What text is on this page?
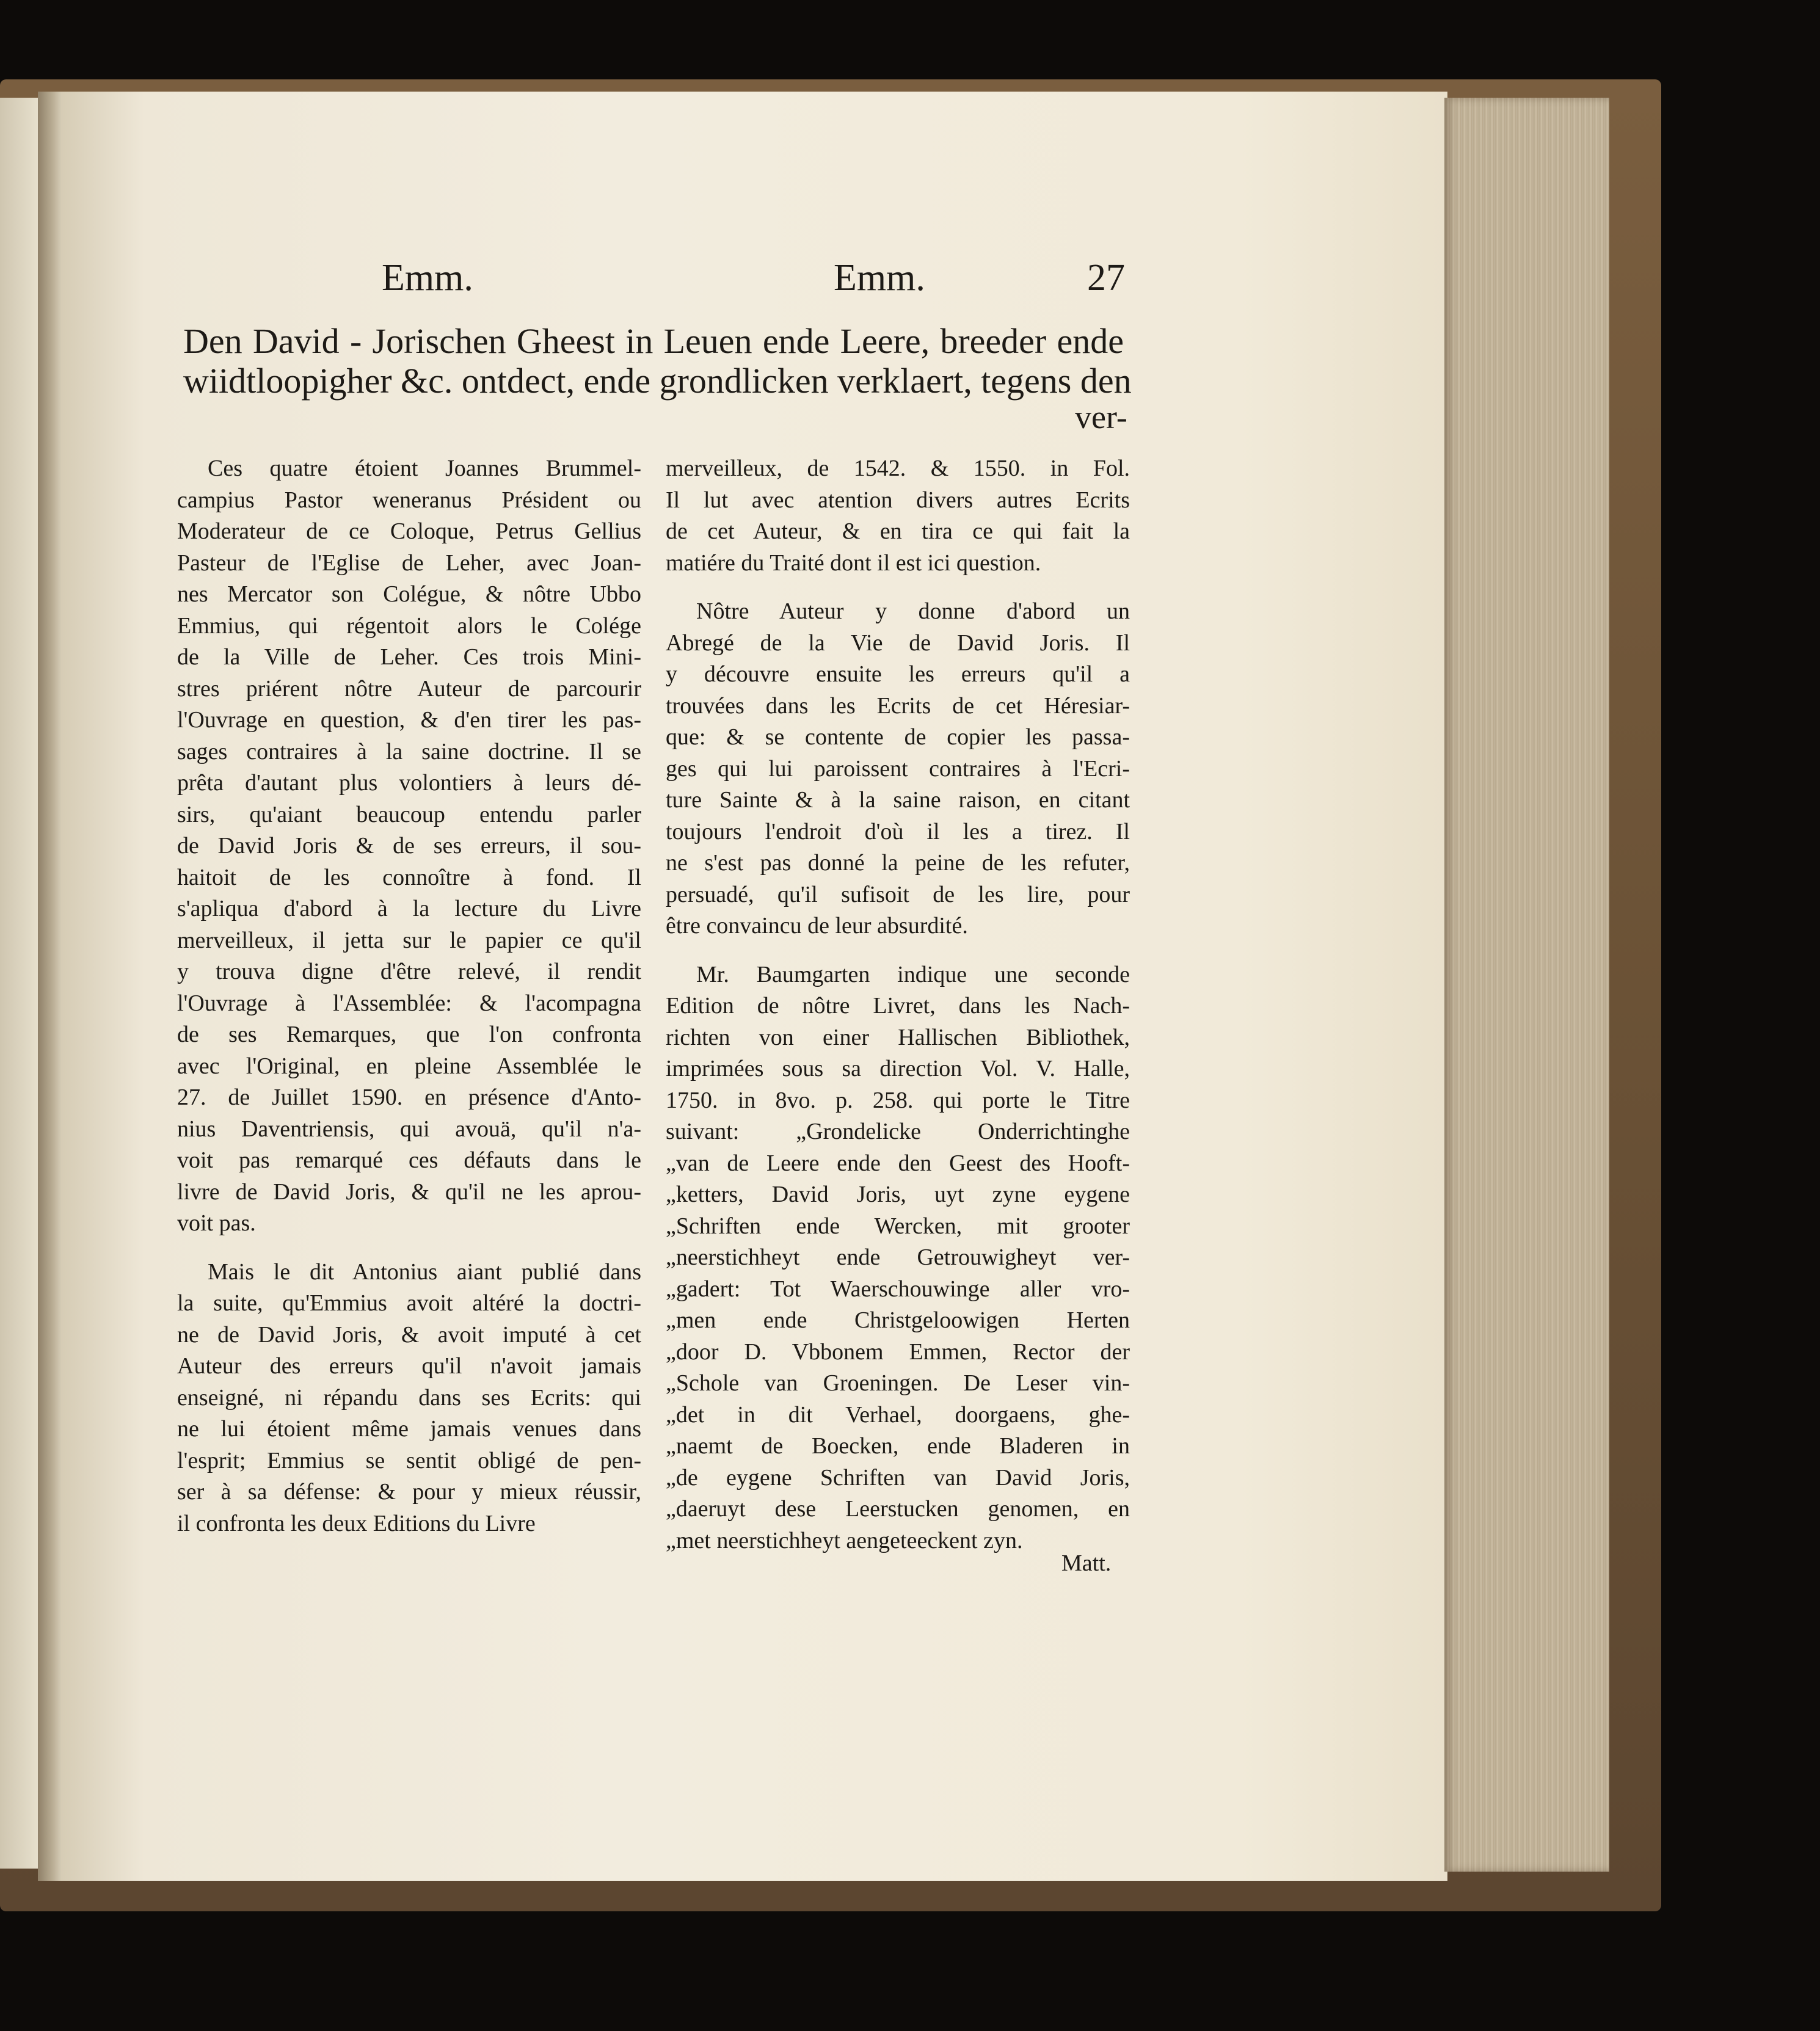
Emm.	Emm.	27
Den David - Jorischen Gheest in Leuen ende Leere, breeder ende
wiidtloopigher &c. ontdect, ende grondlicken verklaert, tegens den
ver-
Ces quatre étoient Joannes Brummel-
campius Pastor weneranus Président ou
Moderateur de ce Coloque, Petrus Gellius
Pasteur de l'Eglise de Leher, avec Joan-
nes Mercator son Colégue, & nôtre Ubbo
Emmius, qui régentoit alors le Colége
de la Ville de Leher. Ces trois Mini-
stres priérent nôtre Auteur de parcourir
l'Ouvrage en question, & d'en tirer les pas-
sages contraires à la saine doctrine. Il se
prêta d'autant plus volontiers à leurs dé-
sirs, qu'aiant beaucoup entendu parler
de David Joris & de ses erreurs, il sou-
haitoit de les connoître à fond. Il
s'apliqua d'abord à la lecture du Livre
merveilleux, il jetta sur le papier ce qu'il
y trouva digne d'être relevé, il rendit
l'Ouvrage à l'Assemblée: & l'acompagna
de ses Remarques, que l'on confronta
avec l'Original, en pleine Assemblée le
27. de Juillet 1590. en présence d'Anto-
nius Daventriensis, qui avouä, qu'il n'a-
voit pas remarqué ces défauts dans le
livre de David Joris, & qu'il ne les aprou-
voit pas.
Mais le dit Antonius aiant publié dans
la suite, qu'Emmius avoit altéré la doctri-
ne de David Joris, & avoit imputé à cet
Auteur des erreurs qu'il n'avoit jamais
enseigné, ni répandu dans ses Ecrits: qui
ne lui étoient même jamais venues dans
l'esprit; Emmius se sentit obligé de pen-
ser à sa défense: & pour y mieux réussir,
il confronta les deux Editions du Livre
merveilleux, de 1542. & 1550. in Fol.
Il lut avec atention divers autres Ecrits
de cet Auteur, & en tira ce qui fait la
matiére du Traité dont il est ici question.
Nôtre Auteur y donne d'abord un
Abregé de la Vie de David Joris. Il
y découvre ensuite les erreurs qu'il a
trouvées dans les Ecrits de cet Héresiar-
que: & se contente de copier les passa-
ges qui lui paroissent contraires à l'Ecri-
ture Sainte & à la saine raison, en citant
toujours l'endroit d'où il les a tirez. Il
ne s'est pas donné la peine de les refuter,
persuadé, qu'il sufisoit de les lire, pour
être convaincu de leur absurdité.
Mr. Baumgarten indique une seconde
Edition de nôtre Livret, dans les Nach-
richten von einer Hallischen Bibliothek,
imprimées sous sa direction Vol. V. Halle,
1750. in 8vo. p. 258. qui porte le Titre
suivant: „Grondelicke Onderrichtinghe
„van de Leere ende den Geest des Hooft-
„ketters, David Joris, uyt zyne eygene
„Schriften ende Wercken, mit grooter
„neerstichheyt ende Getrouwigheyt ver-
„gadert: Tot Waerschouwinge aller vro-
„men ende Christgeloowigen Herten
„door D. Vbbonem Emmen, Rector der
„Schole van Groeningen. De Leser vin-
„det in dit Verhael, doorgaens, ghe-
„naemt de Boecken, ende Bladeren in
„de eygene Schriften van David Joris,
„daeruyt dese Leerstucken genomen, en
„met neerstichheyt aengeteeckent zyn.
Matt.
